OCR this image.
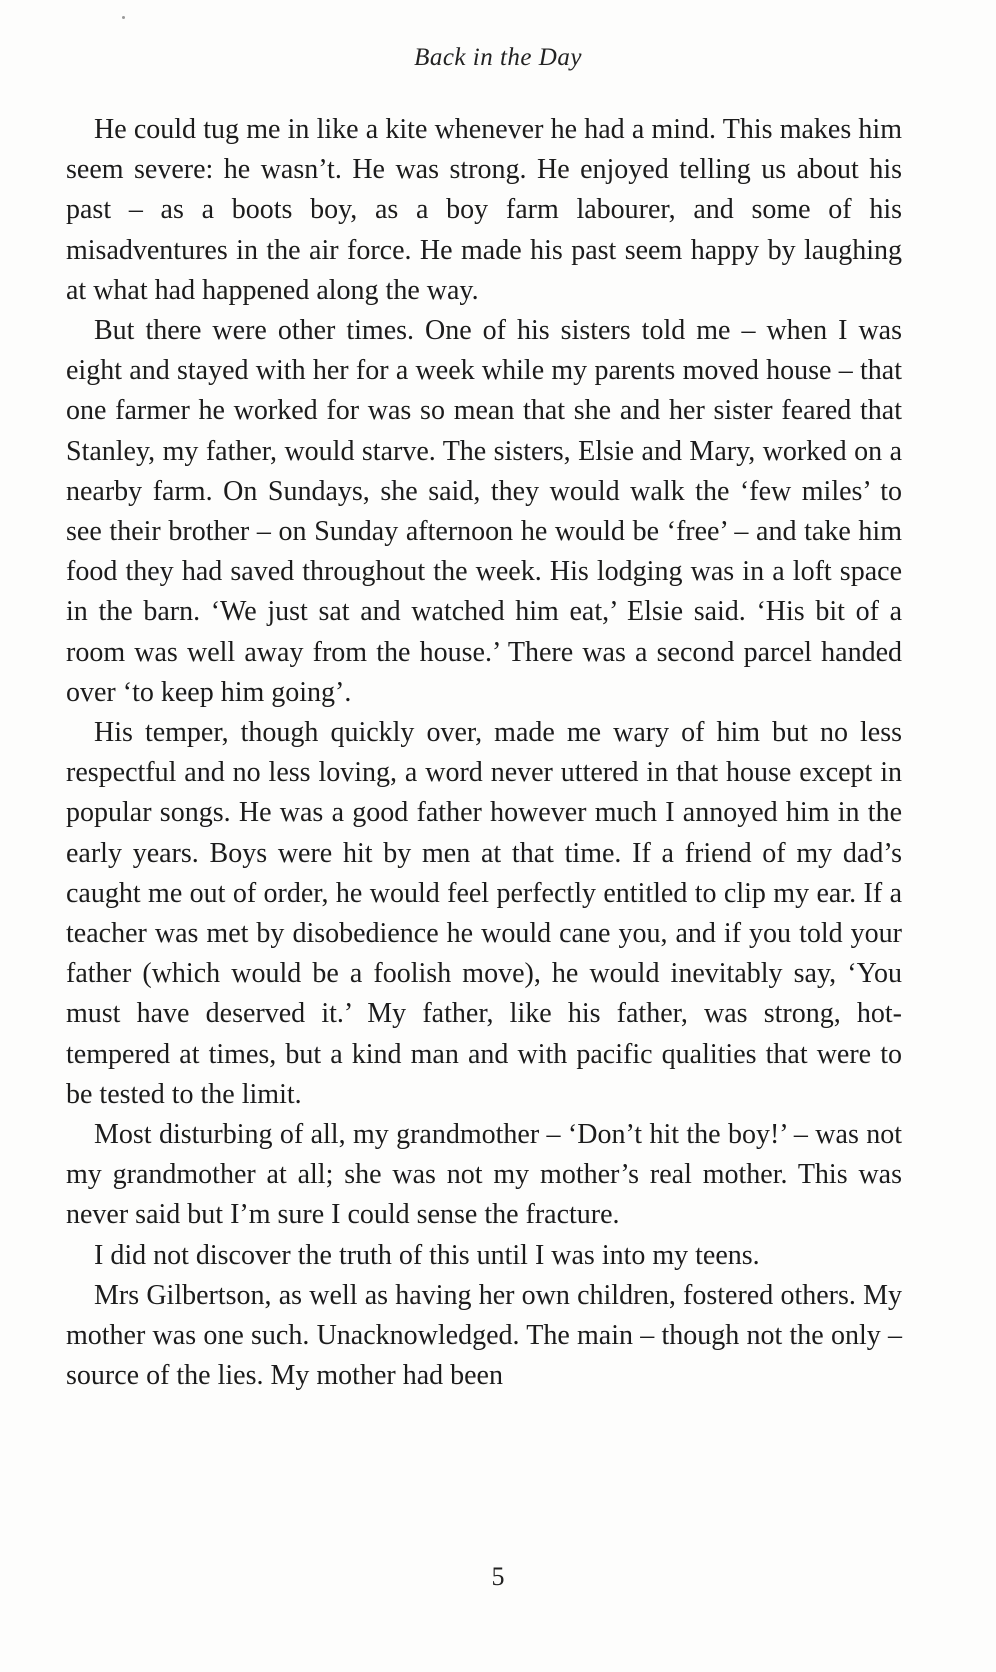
Back in the Day

He could tug me in like a kite whenever he had a mind. This makes him seem severe: he wasn’t. He was strong. He enjoyed telling us about his past – as a boots boy, as a boy farm labourer, and some of his misadventures in the air force. He made his past seem happy by laughing at what had happened along the way.

But there were other times. One of his sisters told me – when I was eight and stayed with her for a week while my parents moved house – that one farmer he worked for was so mean that she and her sister feared that Stanley, my father, would starve. The sisters, Elsie and Mary, worked on a nearby farm. On Sundays, she said, they would walk the ‘few miles’ to see their brother – on Sunday afternoon he would be ‘free’ – and take him food they had saved throughout the week. His lodging was in a loft space in the barn. ‘We just sat and watched him eat,’ Elsie said. ‘His bit of a room was well away from the house.’ There was a second parcel handed over ‘to keep him going’.

His temper, though quickly over, made me wary of him but no less respectful and no less loving, a word never uttered in that house except in popular songs. He was a good father however much I annoyed him in the early years. Boys were hit by men at that time. If a friend of my dad’s caught me out of order, he would feel perfectly entitled to clip my ear. If a teacher was met by disobedience he would cane you, and if you told your father (which would be a foolish move), he would inevitably say, ‘You must have deserved it.’ My father, like his father, was strong, hot-tempered at times, but a kind man and with pacific qualities that were to be tested to the limit.

Most disturbing of all, my grandmother – ‘Don’t hit the boy!’ – was not my grandmother at all; she was not my mother’s real mother. This was never said but I’m sure I could sense the fracture.

I did not discover the truth of this until I was into my teens.

Mrs Gilbertson, as well as having her own children, fostered others. My mother was one such. Unacknowledged. The main – though not the only – source of the lies. My mother had been

5
